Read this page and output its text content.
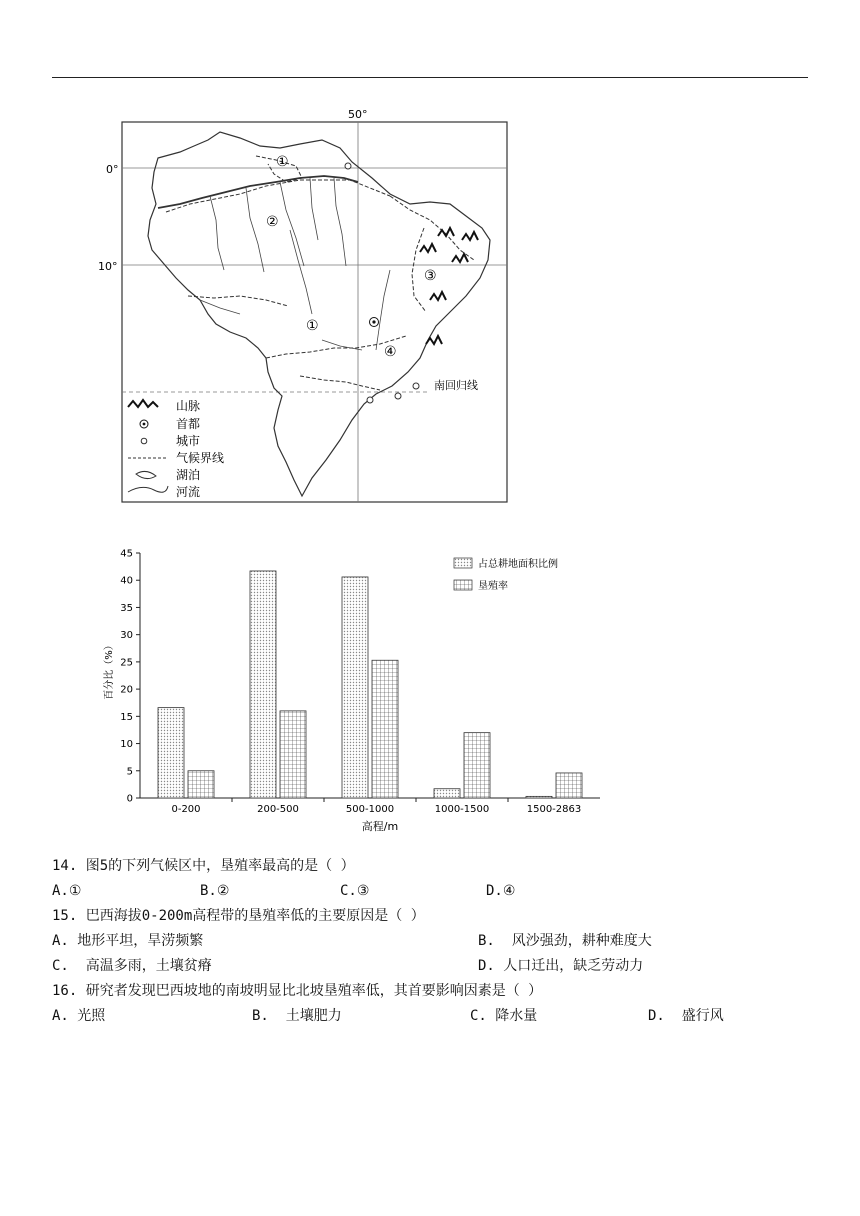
50°
0°
10°
南回归线
①
②
③
④
①
山脉
首都
城市
气候界线
湖泊
河流
0
5
10
15
20
25
30
35
40
45
0-200	200-500	500-1000	1000-1500	1500-2863
百分比（%）
高程/m
占总耕地面积比例
垦殖率
14. 图5的下列气候区中，垦殖率最高的是（ ）
A.①	B.②	C.③	D.④
15. 巴西海拔0-200m高程带的垦殖率低的主要原因是（ ）
A. 地形平坦，旱涝频繁	B.  风沙强劲，耕种难度大
C.  高温多雨，土壤贫瘠	D. 人口迁出，缺乏劳动力
16. 研究者发现巴西坡地的南坡明显比北坡垦殖率低，其首要影响因素是（ ）
A. 光照	B.  土壤肥力	C. 降水量	D.  盛行风
